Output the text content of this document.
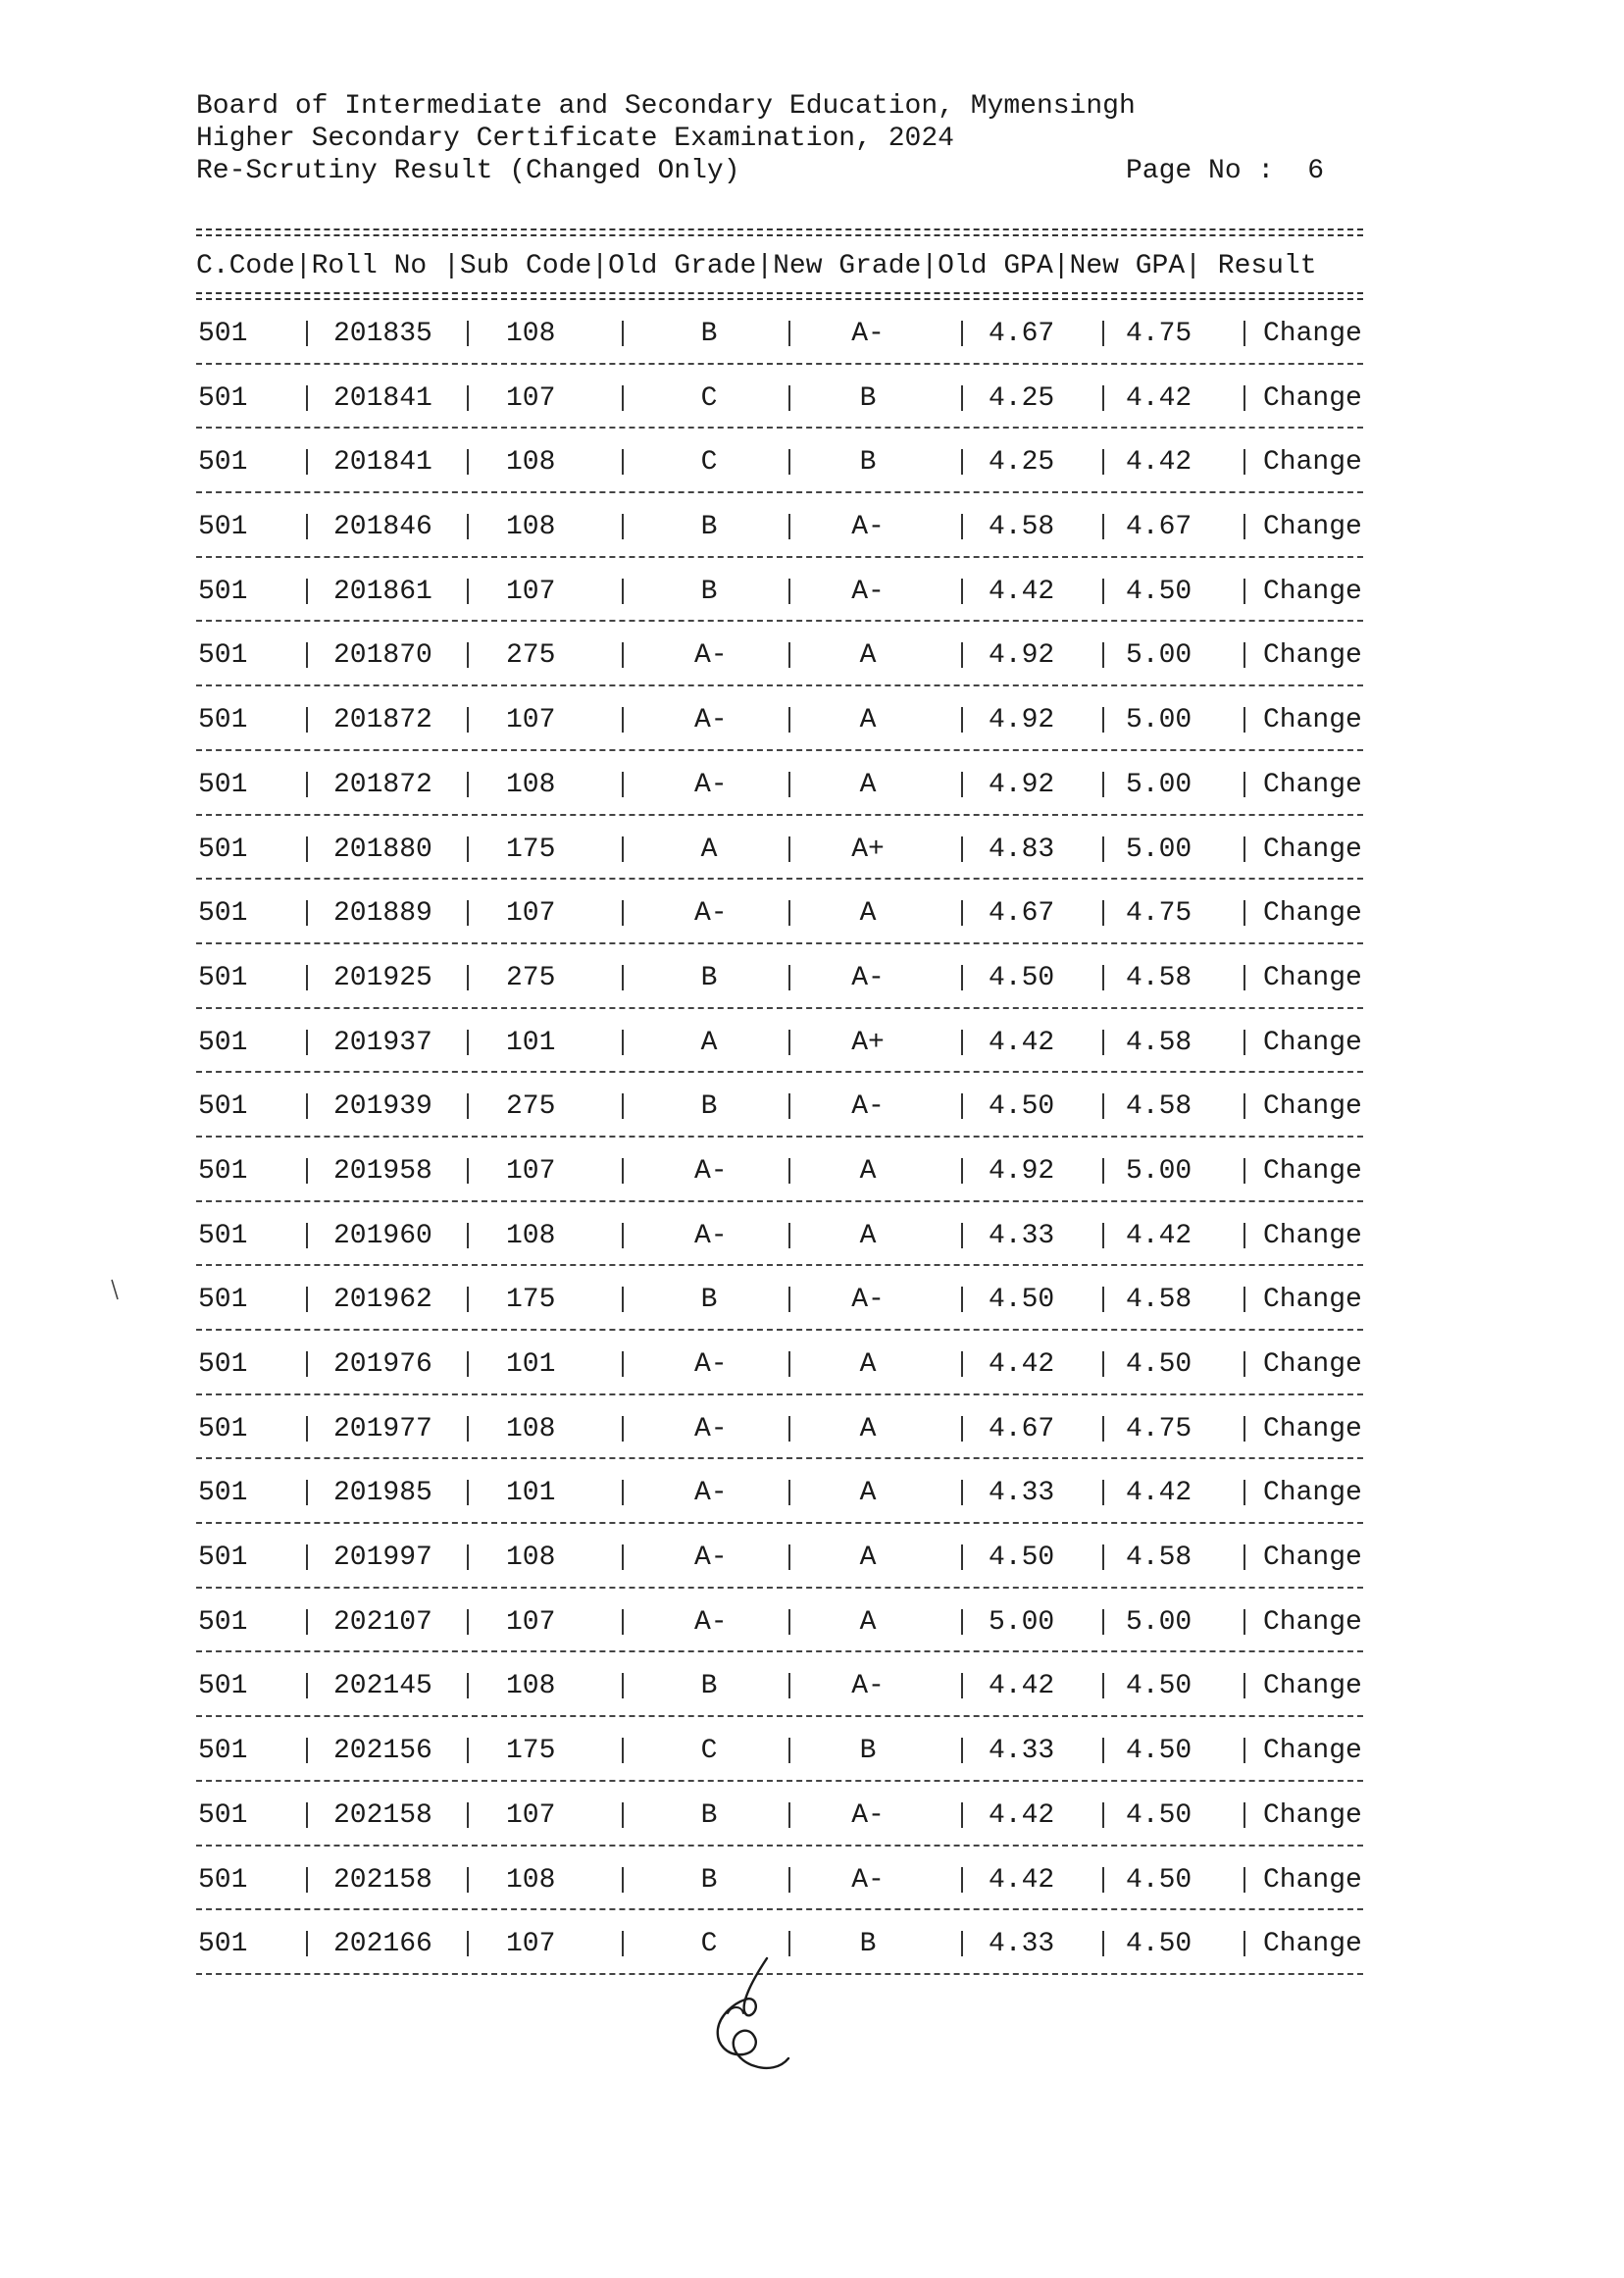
Board of Intermediate and Secondary Education, Mymensingh
Higher Secondary Certificate Examination, 2024
Re-Scrutiny Result (Changed Only)	Page No : 6
C.Code|Roll No |Sub Code|Old Grade|New Grade|Old GPA|New GPA| Result
501	201835	108	B	A-	4.67	4.75	Change
501	201841	107	C	B	4.25	4.42	Change
501	201841	108	C	B	4.25	4.42	Change
501	201846	108	B	A-	4.58	4.67	Change
501	201861	107	B	A-	4.42	4.50	Change
501	201870	275	A-	A	4.92	5.00	Change
501	201872	107	A-	A	4.92	5.00	Change
501	201872	108	A-	A	4.92	5.00	Change
501	201880	175	A	A+	4.83	5.00	Change
501	201889	107	A-	A	4.67	4.75	Change
501	201925	275	B	A-	4.50	4.58	Change
501	201937	101	A	A+	4.42	4.58	Change
501	201939	275	B	A-	4.50	4.58	Change
501	201958	107	A-	A	4.92	5.00	Change
501	201960	108	A-	A	4.33	4.42	Change
501	201962	175	B	A-	4.50	4.58	Change
501	201976	101	A-	A	4.42	4.50	Change
501	201977	108	A-	A	4.67	4.75	Change
501	201985	101	A-	A	4.33	4.42	Change
501	201997	108	A-	A	4.50	4.58	Change
501	202107	107	A-	A	5.00	5.00	Change
501	202145	108	B	A-	4.42	4.50	Change
501	202156	175	C	B	4.33	4.50	Change
501	202158	107	B	A-	4.42	4.50	Change
501	202158	108	B	A-	4.42	4.50	Change
501	202166	107	C	B	4.33	4.50	Change
